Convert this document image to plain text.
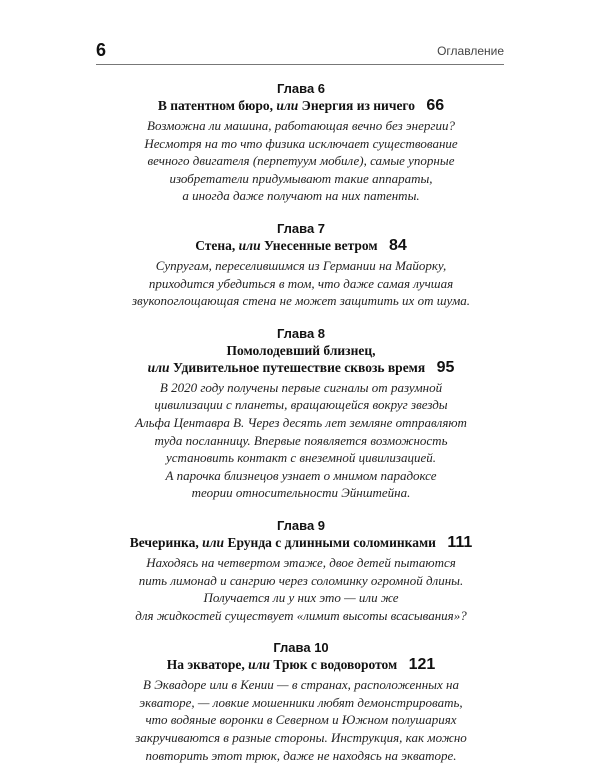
6	Оглавление
Глава 6
В патентном бюро, или Энергия из ничего 66
Возможна ли машина, работающая вечно без энергии?
Несмотря на то что физика исключает существование
вечного двигателя (перпетуум мобиле), самые упорные
изобретатели придумывают такие аппараты,
а иногда даже получают на них патенты.
Глава 7
Стена, или Унесенные ветром 84
Супругам, переселившимся из Германии на Майорку,
приходится убедиться в том, что даже самая лучшая
звукопоглощающая стена не может защитить их от шума.
Глава 8
Помолодевший близнец,
или Удивительное путешествие сквозь время 95
В 2020 году получены первые сигналы от разумной
цивилизации с планеты, вращающейся вокруг звезды
Альфа Центавра B. Через десять лет земляне отправляют
туда посланницу. Впервые появляется возможность
установить контакт с внеземной цивилизацией.
А парочка близнецов узнает о мнимом парадоксе
теории относительности Эйнштейна.
Глава 9
Вечеринка, или Ерунда с длинными соломинками 111
Находясь на четвертом этаже, двое детей пытаются
пить лимонад и сангрию через соломинку огромной длины.
Получается ли у них это — или же
для жидкостей существует «лимит высоты всасывания»?
Глава 10
На экваторе, или Трюк с водоворотом 121
В Эквадоре или в Кении — в странах, расположенных на
экваторе, — ловкие мошенники любят демонстрировать,
что водяные воронки в Северном и Южном полушариях
закручиваются в разные стороны. Инструкция, как можно
повторить этот трюк, даже не находясь на экваторе.
